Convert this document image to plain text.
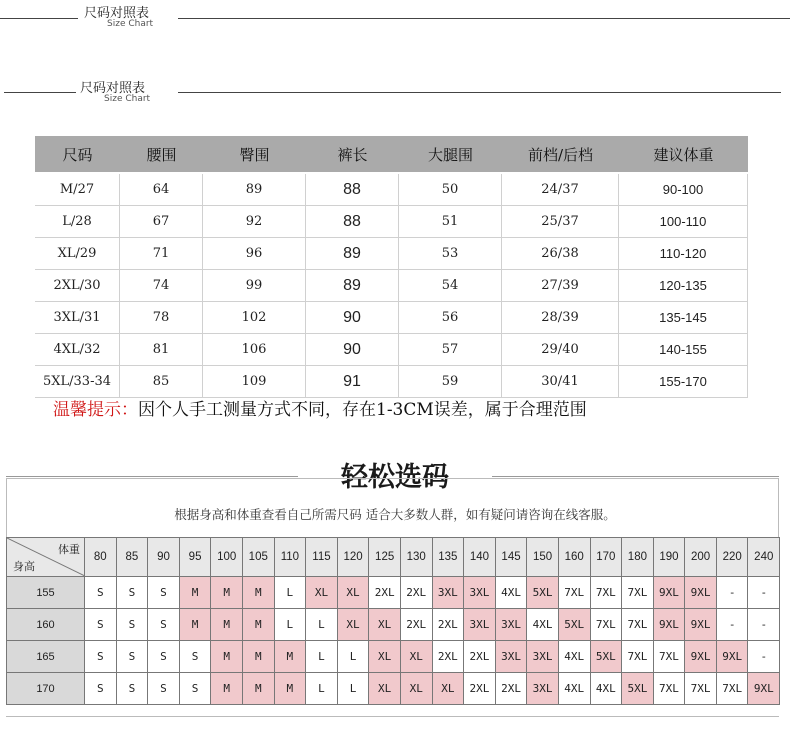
尺码对照表
Size Chart
尺码对照表
Size Chart
尺码	腰围	臀围	裤长	大腿围	前档/后档	建议体重
M/27	64	89	88	50	24/37	90-100
L/28	67	92	88	51	25/37	100-110
XL/29	71	96	89	53	26/38	110-120
2XL/30	74	99	89	54	27/39	120-135
3XL/31	78	102	90	56	28/39	135-145
4XL/32	81	106	90	57	29/40	140-155
5XL/33-34	85	109	91	59	30/41	155-170
温馨提示：因个人手工测量方式不同，存在1-3CM误差，属于合理范围
轻松选码
根据身高和体重查看自己所需尺码 适合大多数人群，如有疑问请咨询在线客服。
体重
身高	80	85	90	95	100	105	110	115	120	125	130	135	140	145	150	160	170	180	190	200	220	240
155	S	S	S	M	M	M	L	XL	XL	2XL	2XL	3XL	3XL	4XL	5XL	7XL	7XL	7XL	9XL	9XL	-	-
160	S	S	S	M	M	M	L	L	XL	XL	2XL	2XL	3XL	3XL	4XL	5XL	7XL	7XL	9XL	9XL	-	-
165	S	S	S	S	M	M	M	L	L	XL	XL	2XL	2XL	3XL	3XL	4XL	5XL	7XL	7XL	9XL	9XL	-
170	S	S	S	S	M	M	M	L	L	XL	XL	XL	2XL	2XL	3XL	4XL	4XL	5XL	7XL	7XL	7XL	9XL
